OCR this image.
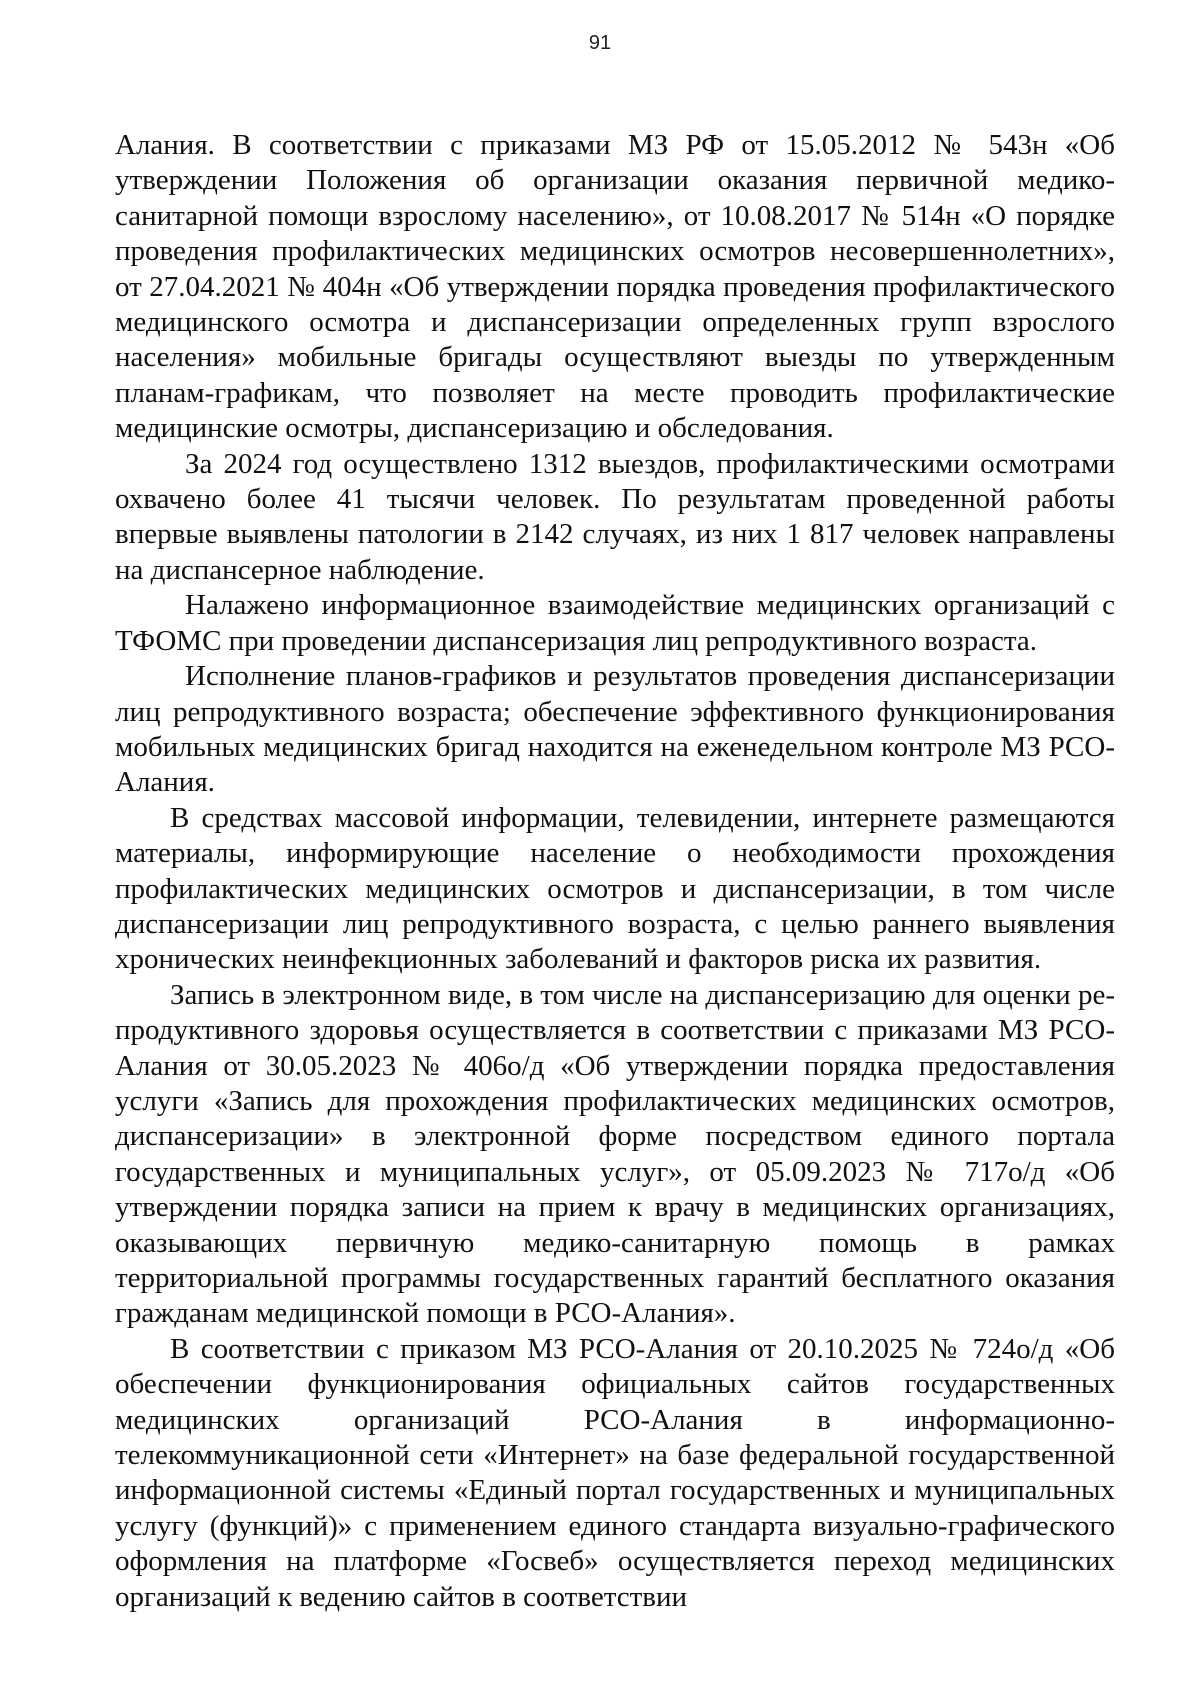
91

Алания. В соответствии с приказами МЗ РФ от 15.05.2012 № 543н «Об утверждении Положения об организации оказания первичной медико-санитарной помощи взрослому населению», от 10.08.2017 № 514н «О порядке проведения профилактических медицинских осмотров несовершеннолетних», от 27.04.2021 № 404н «Об утверждении порядка проведения профилактического медицинского осмотра и диспансеризации определенных групп взрослого населения» мобильные бригады осуществляют выезды по утвержденным планам-графикам, что позволяет на месте проводить профилактические медицинские осмотры, диспансеризацию и обследования.

За 2024 год осуществлено 1312 выездов, профилактическими осмотрами охвачено более 41 тысячи человек. По результатам проведенной работы впервые выявлены патологии в 2142 случаях, из них 1 817 человек направлены на диспансерное наблюдение.

Налажено информационное взаимодействие медицинских организаций с ТФОМС при проведении диспансеризация лиц репродуктивного возраста.

Исполнение планов-графиков и результатов проведения диспансеризации лиц репродуктивного возраста; обеспечение эффективного функционирования мобильных медицинских бригад находится на еженедельном контроле МЗ РСО-Алания.

В средствах массовой информации, телевидении, интернете размещаются материалы, информирующие население о необходимости прохождения профилактических медицинских осмотров и диспансеризации, в том числе диспансеризации лиц репродуктивного возраста, с целью раннего выявления хронических неинфекционных заболеваний и факторов риска их развития.

Запись в электронном виде, в том числе на диспансеризацию для оценки репродуктивного здоровья осуществляется в соответствии с приказами МЗ РСО-Алания от 30.05.2023 № 406о/д «Об утверждении порядка предоставления услуги «Запись для прохождения профилактических медицинских осмотров, диспансеризации» в электронной форме посредством единого портала государственных и муниципальных услуг», от 05.09.2023 № 717о/д «Об утверждении порядка записи на прием к врачу в медицинских организациях, оказывающих первичную медико-санитарную помощь в рамках территориальной программы государственных гарантий бесплатного оказания гражданам медицинской помощи в РСО-Алания».

В соответствии с приказом МЗ РСО-Алания от 20.10.2025 № 724о/д «Об обеспечении функционирования официальных сайтов государственных медицинских организаций РСО-Алания в информационно-телекоммуникационной сети «Интернет» на базе федеральной государственной информационной системы «Единый портал государственных и муниципальных услугу (функций)» с применением единого стандарта визуально-графического оформления на платформе «Госвеб» осуществляется переход медицинских организаций к ведению сайтов в соответствии
